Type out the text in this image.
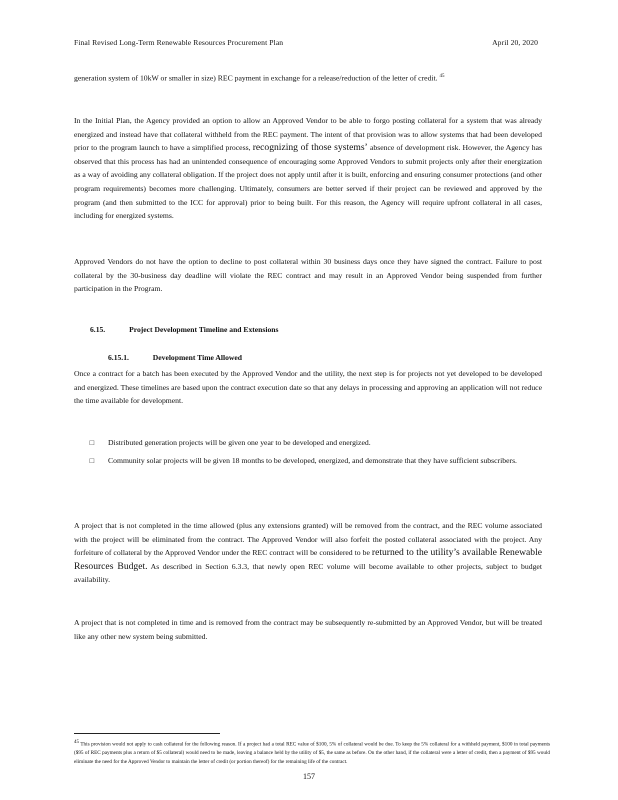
Final Revised Long-Term Renewable Resources Procurement Plan	April 20, 2020

generation system of 10kW or smaller in size) REC payment in exchange for a release/reduction of the letter of credit. $^{45}$

In the Initial Plan, the Agency provided an option to allow an Approved Vendor to be able to forgo posting collateral for a system that was already energized and instead have that collateral withheld from the REC payment. The intent of that provision was to allow systems that had been developed prior to the program launch to have a simplified process, recognizing of those systems’ absence of development risk. However, the Agency has observed that this process has had an unintended consequence of encouraging some Approved Vendors to submit projects only after their energization as a way of avoiding any collateral obligation. If the project does not apply until after it is built, enforcing and ensuring consumer protections (and other program requirements) becomes more challenging. Ultimately, consumers are better served if their project can be reviewed and approved by the program (and then submitted to the ICC for approval) prior to being built. For this reason, the Agency will require upfront collateral in all cases, including for energized systems.

Approved Vendors do not have the option to decline to post collateral within 30 business days once they have signed the contract. Failure to post collateral by the 30-business day deadline will violate the REC contract and may result in an Approved Vendor being suspended from further participation in the Program.

6.15.	Project Development Timeline and Extensions
6.15.1.	Development Time Allowed

Once a contract for a batch has been executed by the Approved Vendor and the utility, the next step is for projects not yet developed to be developed and energized. These timelines are based upon the contract execution date so that any delays in processing and approving an application will not reduce the time available for development.

□ Distributed generation projects will be given one year to be developed and energized.
□ Community solar projects will be given 18 months to be developed, energized, and demonstrate that they have sufficient subscribers.

A project that is not completed in the time allowed (plus any extensions granted) will be removed from the contract, and the REC volume associated with the project will be eliminated from the contract. The Approved Vendor will also forfeit the posted collateral associated with the project. Any forfeiture of collateral by the Approved Vendor under the REC contract will be considered to be returned to the utility’s available Renewable Resources Budget. As described in Section 6.3.3, that newly open REC volume will become available to other projects, subject to budget availability.

A project that is not completed in time and is removed from the contract may be subsequently re-submitted by an Approved Vendor, but will be treated like any other new system being submitted.

45 This provision would not apply to cash collateral for the following reason. If a project had a total REC value of $100, 5% of collateral would be due. To keep the 5% collateral for a withheld payment, $100 in total payments ($95 of REC payments plus a return of $5 collateral) would need to be made, leaving a balance held by the utility of $5, the same as before. On the other hand, if the collateral were a letter of credit, then a payment of $95 would eliminate the need for the Approved Vendor to maintain the letter of credit (or portion thereof) for the remaining life of the contract.

157
